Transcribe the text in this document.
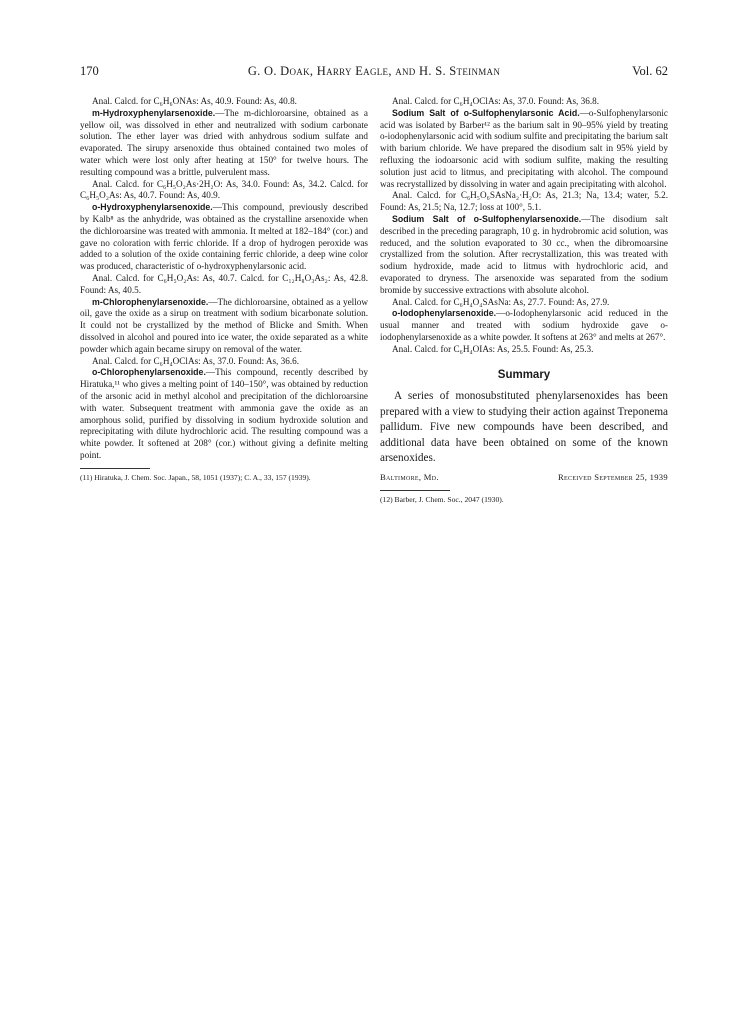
170	G. O. Doak, Harry Eagle, and H. S. Steinman	Vol. 62

Anal. Calcd. for C₆H₆ONAs: As, 40.9. Found: As, 40.8.

m-Hydroxyphenylarsenoxide.—The m-dichloroarsine, obtained as a yellow oil, was dissolved in ether and neutralized with sodium carbonate solution. The ether layer was dried with anhydrous sodium sulfate and evaporated. The sirupy arsenoxide thus obtained contained two moles of water which were lost only after heating at 150° for twelve hours. The resulting compound was a brittle, pulverulent mass.

Anal. Calcd. for C₆H₅O₂As·2H₂O: As, 34.0. Found: As, 34.2. Calcd. for C₆H₅O₂As: As, 40.7. Found: As, 40.9.

o-Hydroxyphenylarsenoxide.—This compound, previously described by Kalb⁸ as the anhydride, was obtained as the crystalline arsenoxide when the dichloroarsine was treated with ammonia. It melted at 182–184° (cor.) and gave no coloration with ferric chloride. If a drop of hydrogen peroxide was added to a solution of the oxide containing ferric chloride, a deep wine color was produced, characteristic of o-hydroxyphenylarsonic acid.

Anal. Calcd. for C₆H₅O₂As: As, 40.7. Calcd. for C₁₂H₈O₃As₂: As, 42.8. Found: As, 40.5.

m-Chlorophenylarsenoxide.—The dichloroarsine, obtained as a yellow oil, gave the oxide as a sirup on treatment with sodium bicarbonate solution. It could not be crystallized by the method of Blicke and Smith. When dissolved in alcohol and poured into ice water, the oxide separated as a white powder which again became sirupy on removal of the water.

Anal. Calcd. for C₆H₄OClAs: As, 37.0. Found: As, 36.6.

o-Chlorophenylarsenoxide.—This compound, recently described by Hiratuka,¹¹ who gives a melting point of 140–150°, was obtained by reduction of the arsonic acid in methyl alcohol and precipitation of the dichloroarsine with water. Subsequent treatment with ammonia gave the oxide as an amorphous solid, purified by dissolving in sodium hydroxide solution and reprecipitating with dilute hydrochloric acid. The resulting compound was a white powder. It softened at 208° (cor.) without giving a definite melting point.

(11) Hiratuka, J. Chem. Soc. Japan., 58, 1051 (1937); C. A., 33, 157 (1939).

Anal. Calcd. for C₆H₄OClAs: As, 37.0. Found: As, 36.8.

Sodium Salt of o-Sulfophenylarsonic Acid.—o-Sulfophenylarsonic acid was isolated by Barber¹² as the barium salt in 90–95% yield by treating o-iodophenylarsonic acid with sodium sulfite and precipitating the barium salt with barium chloride. We have prepared the disodium salt in 95% yield by refluxing the iodoarsonic acid with sodium sulfite, making the resulting solution just acid to litmus, and precipitating with alcohol. The compound was recrystallized by dissolving in water and again precipitating with alcohol.

Anal. Calcd. for C₆H₅O₆SAsNa₂·H₂O: As, 21.3; Na, 13.4; water, 5.2. Found: As, 21.5; Na, 12.7; loss at 100°, 5.1.

Sodium Salt of o-Sulfophenylarsenoxide.—The disodium salt described in the preceding paragraph, 10 g. in hydrobromic acid solution, was reduced, and the solution evaporated to 30 cc., when the dibromoarsine crystallized from the solution. After recrystallization, this was treated with sodium hydroxide, made acid to litmus with hydrochloric acid, and evaporated to dryness. The arsenoxide was separated from the sodium bromide by successive extractions with absolute alcohol.

Anal. Calcd. for C₆H₄O₄SAsNa: As, 27.7. Found: As, 27.9.

o-Iodophenylarsenoxide.—o-Iodophenylarsonic acid reduced in the usual manner and treated with sodium hydroxide gave o-iodophenylarsenoxide as a white powder. It softens at 263° and melts at 267°.

Anal. Calcd. for C₆H₄OIAs: As, 25.5. Found: As, 25.3.

Summary

A series of monosubstituted phenylarsenoxides has been prepared with a view to studying their action against Treponema pallidum. Five new compounds have been described, and additional data have been obtained on some of the known arsenoxides.

Baltimore, Md.	Received September 25, 1939

(12) Barber, J. Chem. Soc., 2047 (1930).
